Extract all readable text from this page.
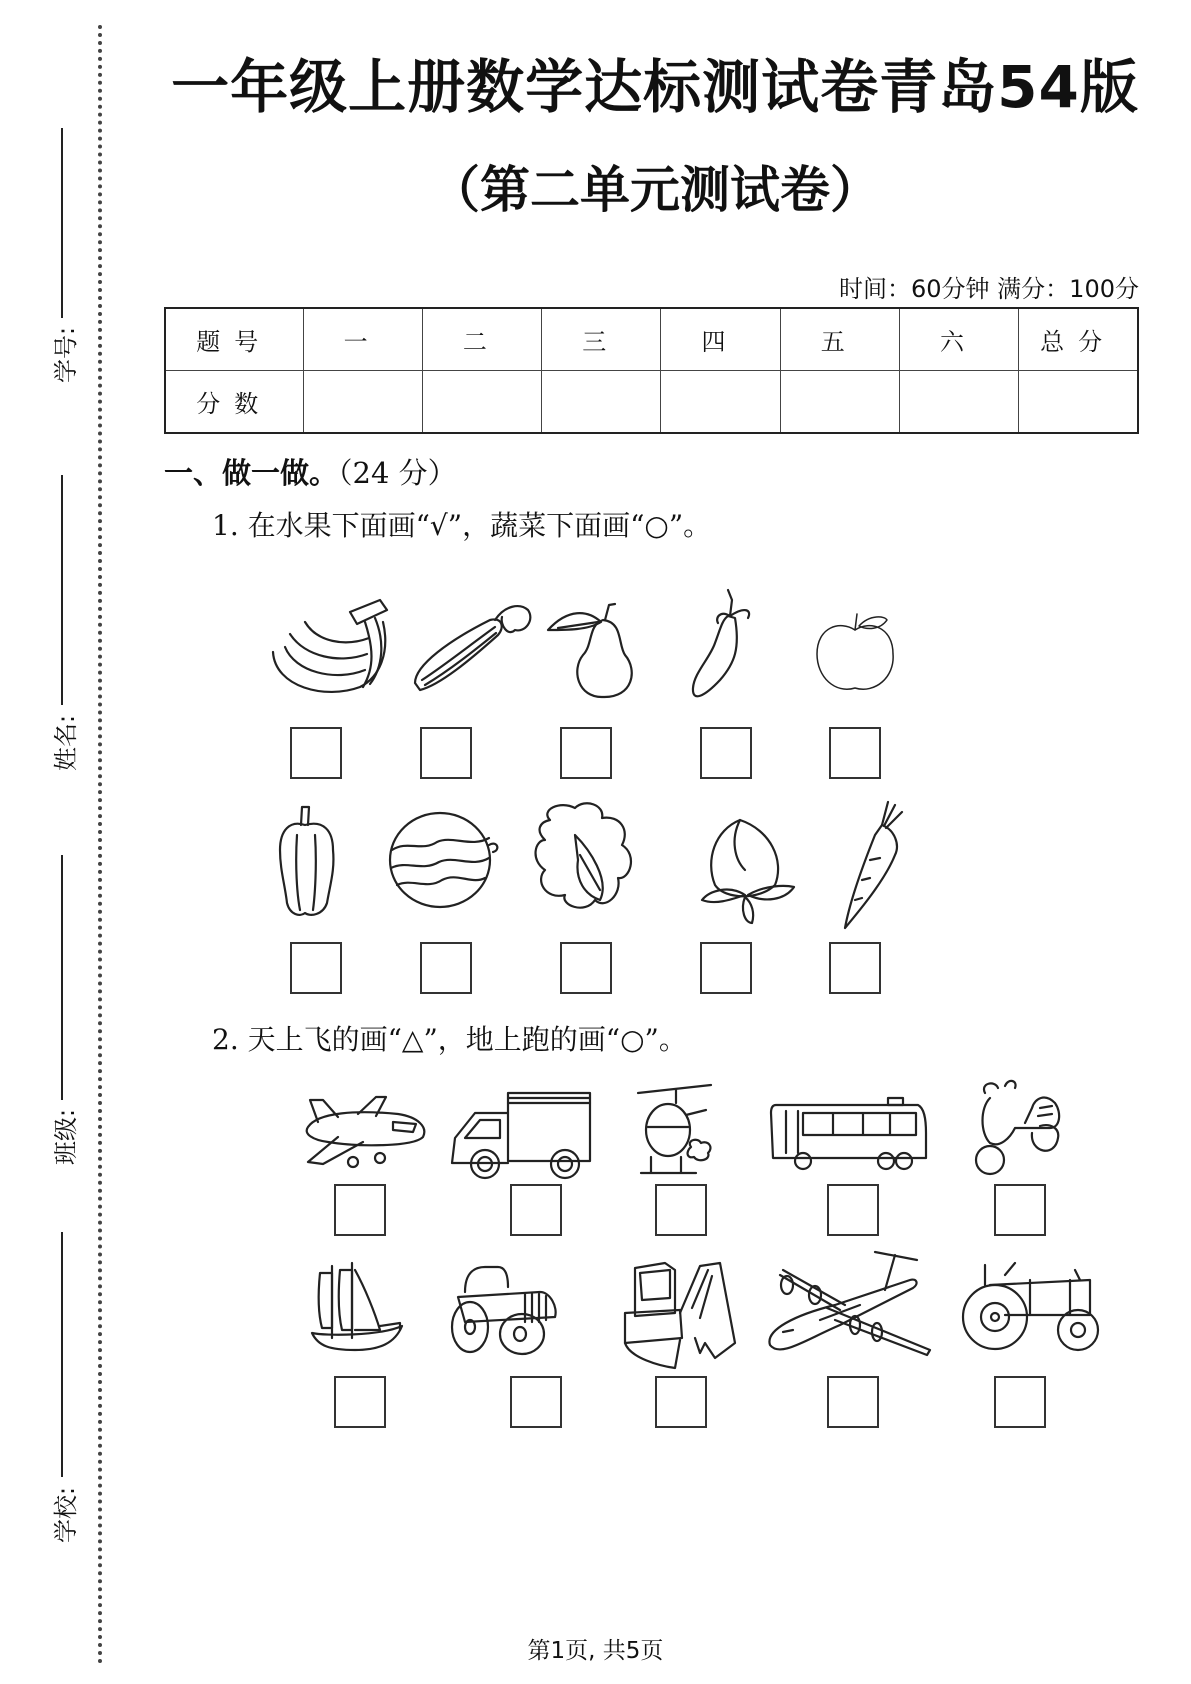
学号:
姓名:
班级:
学校:
一年级上册数学达标测试卷青岛54版
（第二单元测试卷）
时间：60分钟 满分：100分
题号	一	二	三	四	五	六	总分
分数							
一、做一做。（24 分）
1. 在水果下面画“√”，蔬菜下面画“○”。
2. 天上飞的画“△”，地上跑的画“○”。
第1页, 共5页
